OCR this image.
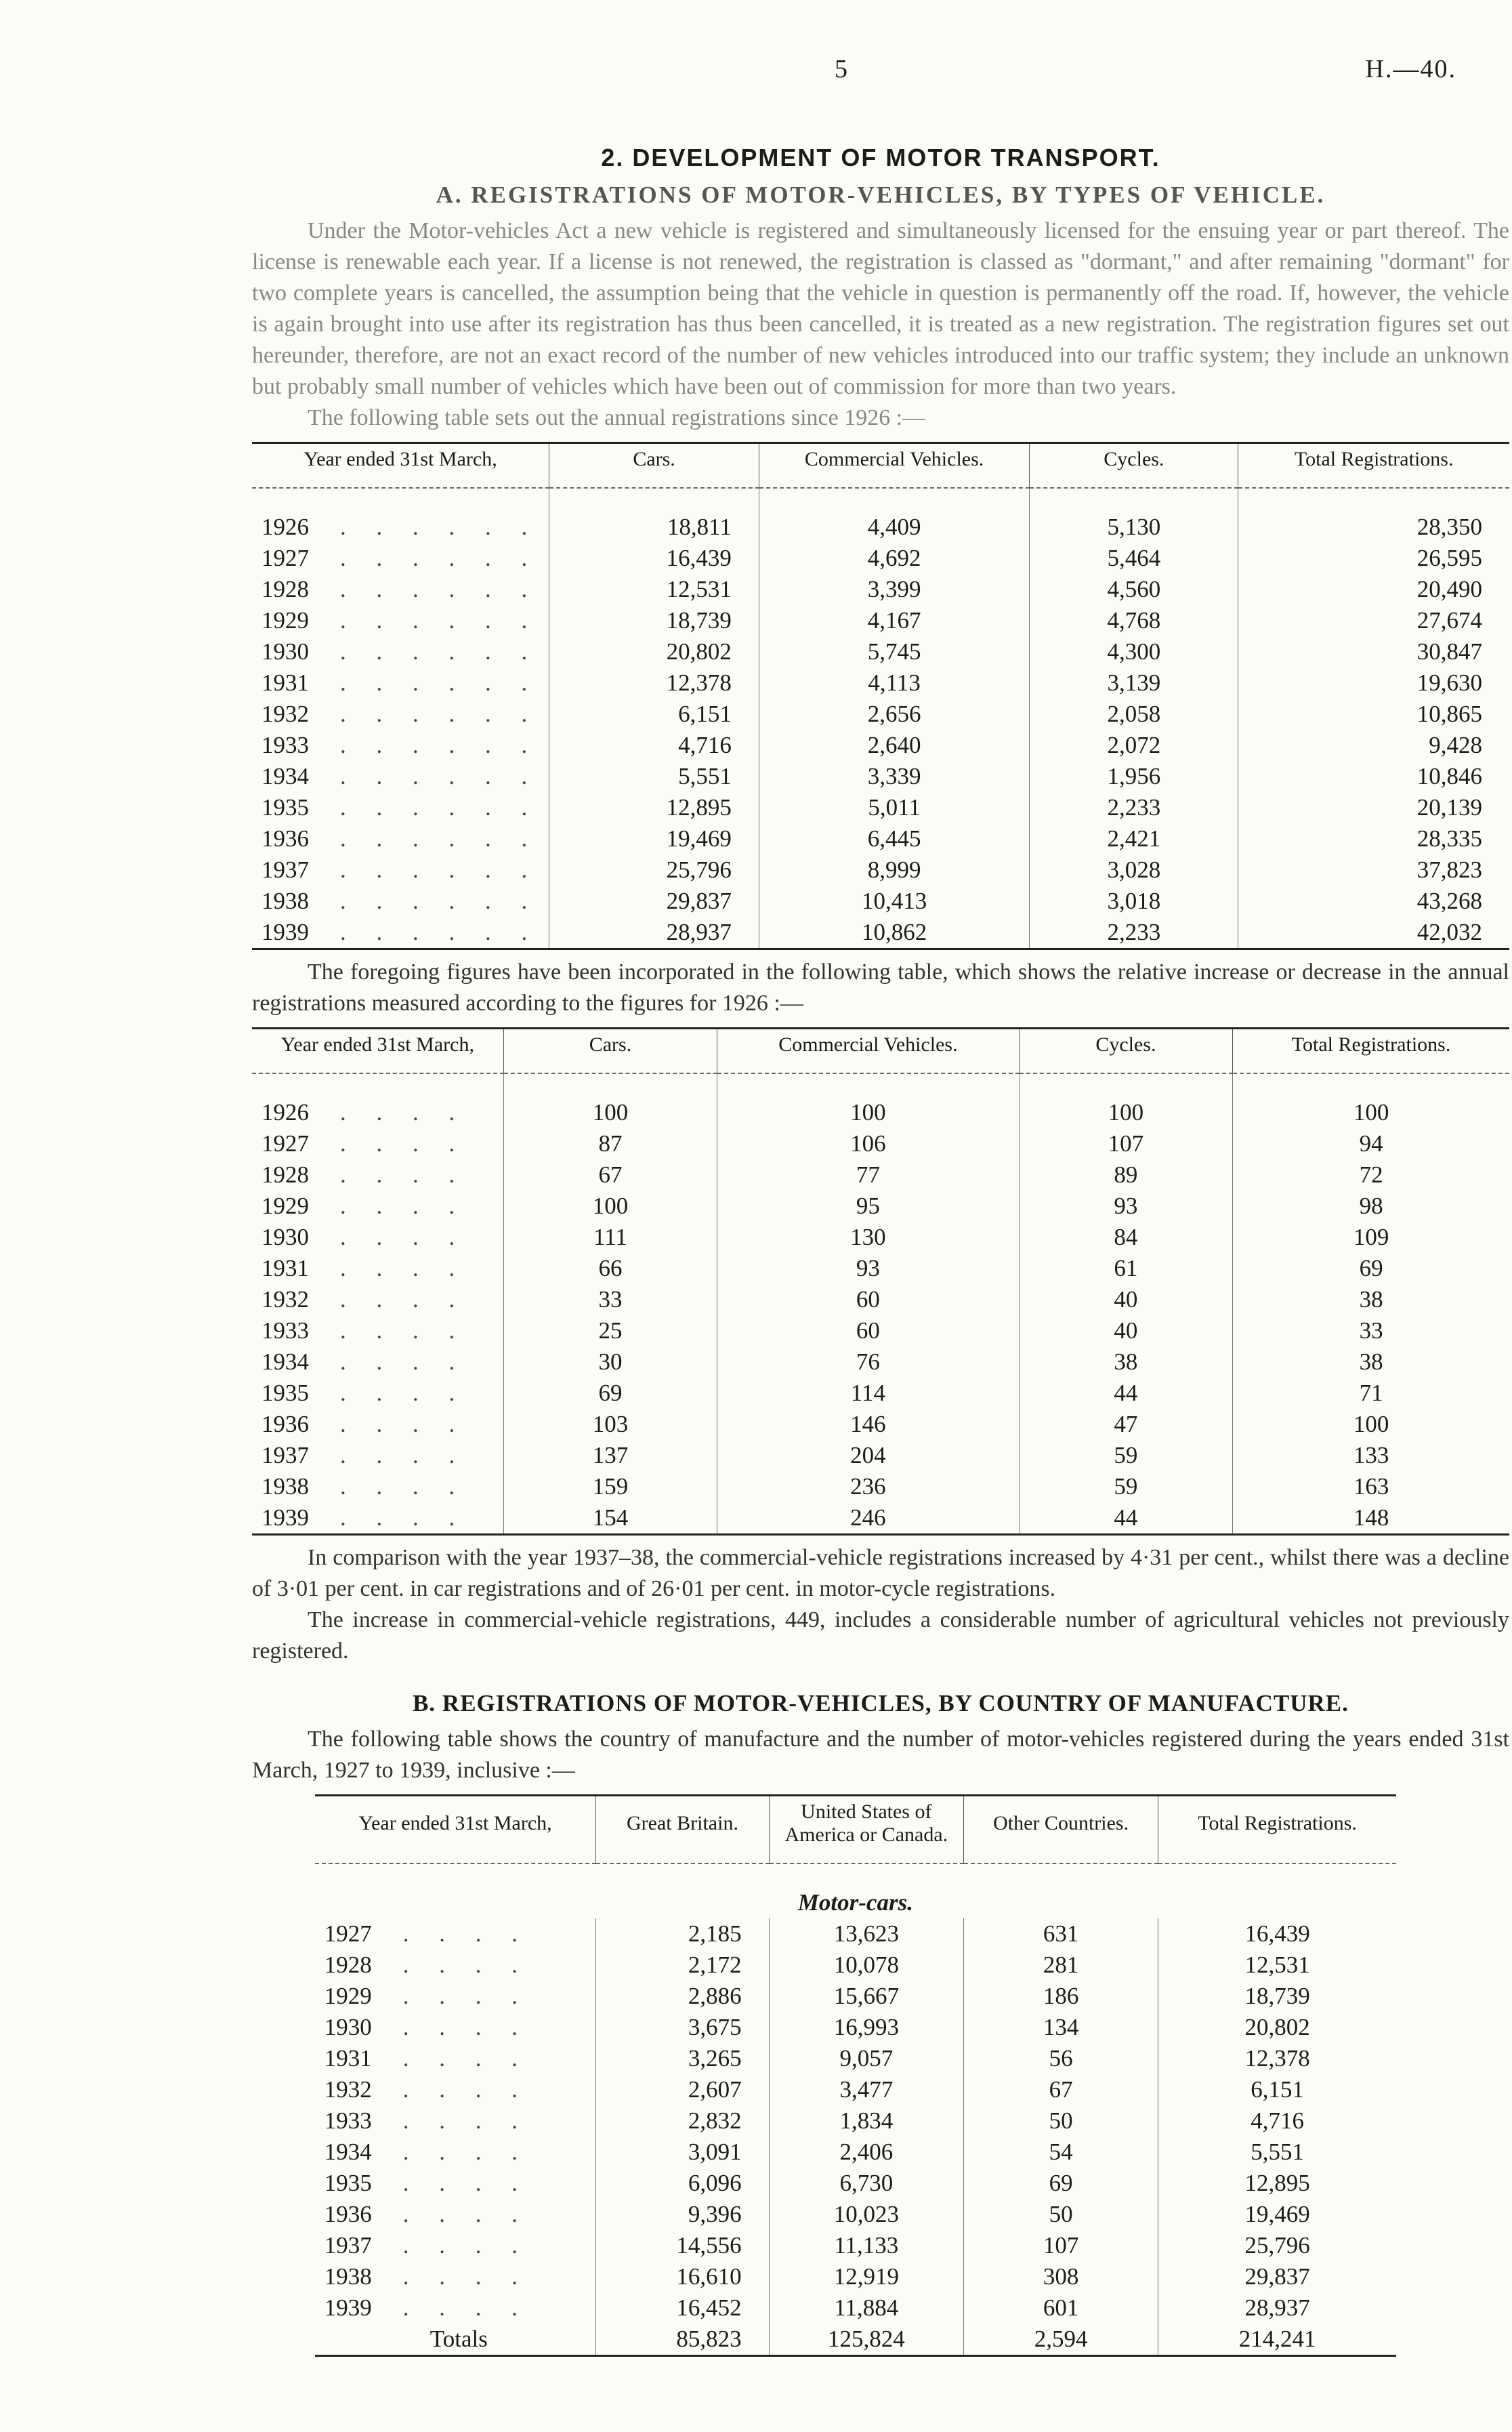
5	H.—40.
2. DEVELOPMENT OF MOTOR TRANSPORT.
A. REGISTRATIONS OF MOTOR-VEHICLES, BY TYPES OF VEHICLE.

Under the Motor-vehicles Act a new vehicle is registered and simultaneously licensed for the ensuing year or part thereof. The license is renewable each year. If a license is not renewed, the registration is classed as "dormant," and after remaining "dormant" for two complete years is cancelled, the assumption being that the vehicle in question is permanently off the road. If, however, the vehicle is again brought into use after its registration has thus been cancelled, it is treated as a new registration. The registration figures set out hereunder, therefore, are not an exact record of the number of new vehicles introduced into our traffic system; they include an unknown but probably small number of vehicles which have been out of commission for more than two years.

The following table sets out the annual registrations since 1926 :—

Year ended 31st March,	Cars.	Commercial Vehicles.	Cycles.	Total Registrations.
1926 . . . . . .	18,811	4,409	5,130	28,350
1927 . . . . . .	16,439	4,692	5,464	26,595
1928 . . . . . .	12,531	3,399	4,560	20,490
1929 . . . . . .	18,739	4,167	4,768	27,674
1930 . . . . . .	20,802	5,745	4,300	30,847
1931 . . . . . .	12,378	4,113	3,139	19,630
1932 . . . . . .	6,151	2,656	2,058	10,865
1933 . . . . . .	4,716	2,640	2,072	9,428
1934 . . . . . .	5,551	3,339	1,956	10,846
1935 . . . . . .	12,895	5,011	2,233	20,139
1936 . . . . . .	19,469	6,445	2,421	28,335
1937 . . . . . .	25,796	8,999	3,028	37,823
1938 . . . . . .	29,837	10,413	3,018	43,268
1939 . . . . . .	28,937	10,862	2,233	42,032

The foregoing figures have been incorporated in the following table, which shows the relative increase or decrease in the annual registrations measured according to the figures for 1926 :—

Year ended 31st March,	Cars.	Commercial Vehicles.	Cycles.	Total Registrations.
1926 . . . .	100	100	100	100
1927 . . . .	87	106	107	94
1928 . . . .	67	77	89	72
1929 . . . .	100	95	93	98
1930 . . . .	111	130	84	109
1931 . . . .	66	93	61	69
1932 . . . .	33	60	40	38
1933 . . . .	25	60	40	33
1934 . . . .	30	76	38	38
1935 . . . .	69	114	44	71
1936 . . . .	103	146	47	100
1937 . . . .	137	204	59	133
1938 . . . .	159	236	59	163
1939 . . . .	154	246	44	148

In comparison with the year 1937–38, the commercial-vehicle registrations increased by 4·31 per cent., whilst there was a decline of 3·01 per cent. in car registrations and of 26·01 per cent. in motor-cycle registrations.

The increase in commercial-vehicle registrations, 449, includes a considerable number of agricultural vehicles not previously registered.

B. REGISTRATIONS OF MOTOR-VEHICLES, BY COUNTRY OF MANUFACTURE.

The following table shows the country of manufacture and the number of motor-vehicles registered during the years ended 31st March, 1927 to 1939, inclusive :—

Year ended 31st March,	Great Britain.	United States of America or Canada.	Other Countries.	Total Registrations.
Motor-cars.				
1927 . . . .	2,185	13,623	631	16,439
1928 . . . .	2,172	10,078	281	12,531
1929 . . . .	2,886	15,667	186	18,739
1930 . . . .	3,675	16,993	134	20,802
1931 . . . .	3,265	9,057	56	12,378
1932 . . . .	2,607	3,477	67	6,151
1933 . . . .	2,832	1,834	50	4,716
1934 . . . .	3,091	2,406	54	5,551
1935 . . . .	6,096	6,730	69	12,895
1936 . . . .	9,396	10,023	50	19,469
1937 . . . .	14,556	11,133	107	25,796
1938 . . . .	16,610	12,919	308	29,837
1939 . . . .	16,452	11,884	601	28,937
Totals	85,823	125,824	2,594	214,241
